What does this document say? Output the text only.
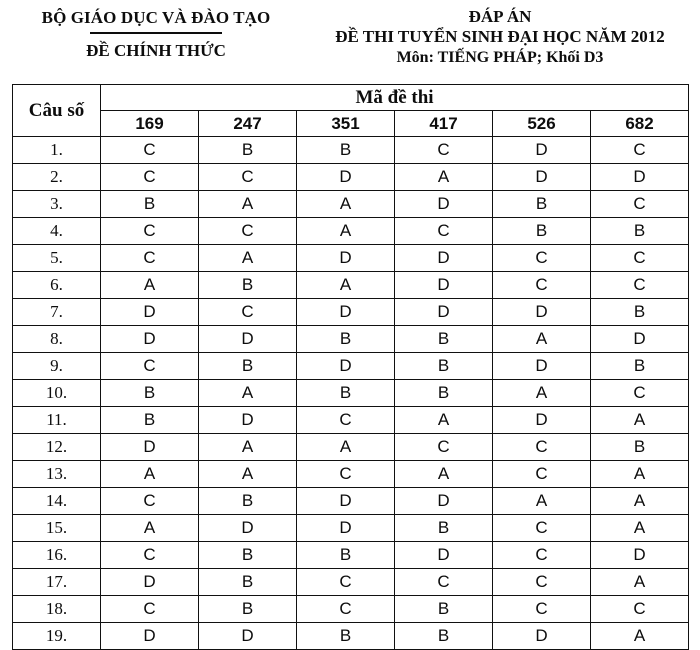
BỘ GIÁO DỤC VÀ ĐÀO TẠO
ĐỀ CHÍNH THỨC
ĐÁP ÁN
ĐỀ THI TUYỂN SINH ĐẠI HỌC NĂM 2012
Môn: TIẾNG PHÁP; Khối D3
Câu số	Mã đề thi					
	169	247	351	417	526	682
1.	C	B	B	C	D	C
2.	C	C	D	A	D	D
3.	B	A	A	D	B	C
4.	C	C	A	C	B	B
5.	C	A	D	D	C	C
6.	A	B	A	D	C	C
7.	D	C	D	D	D	B
8.	D	D	B	B	A	D
9.	C	B	D	B	D	B
10.	B	A	B	B	A	C
11.	B	D	C	A	D	A
12.	D	A	A	C	C	B
13.	A	A	C	A	C	A
14.	C	B	D	D	A	A
15.	A	D	D	B	C	A
16.	C	B	B	D	C	D
17.	D	B	C	C	C	A
18.	C	B	C	B	C	C
19.	D	D	B	B	D	A
